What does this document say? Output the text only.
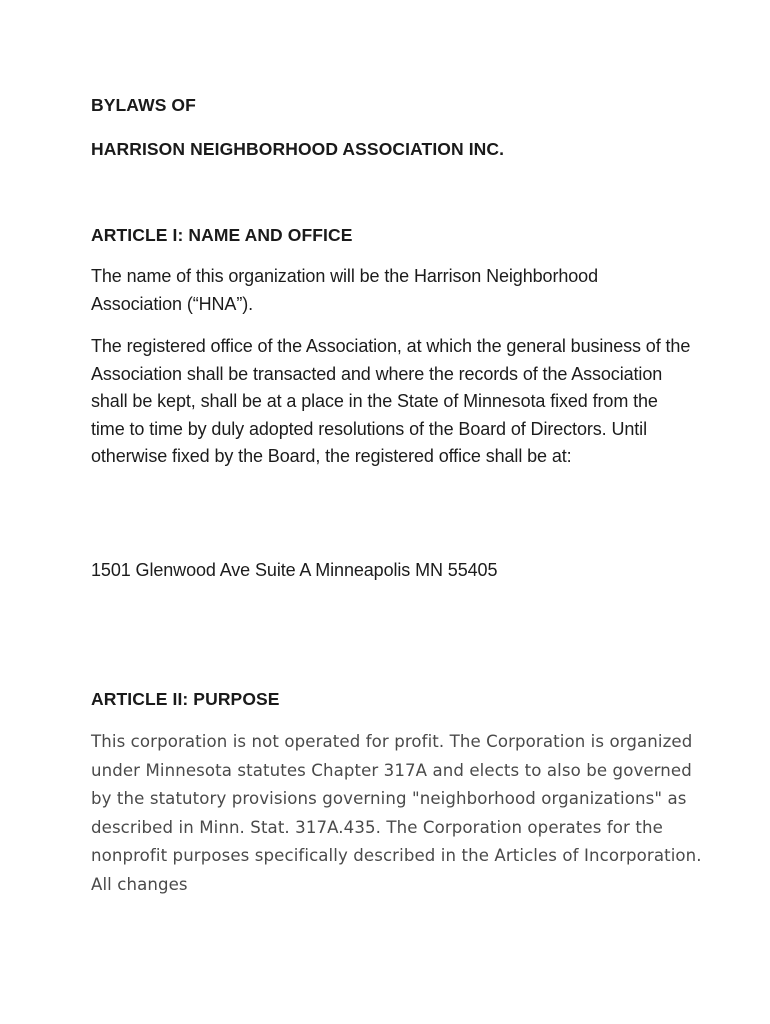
BYLAWS OF

HARRISON NEIGHBORHOOD ASSOCIATION INC.

ARTICLE I: NAME AND OFFICE

The name of this organization will be the Harrison Neighborhood Association (“HNA”).

The registered office of the Association, at which the general business of the Association shall be transacted and where the records of the Association shall be kept, shall be at a place in the State of Minnesota fixed from the time to time by duly adopted resolutions of the Board of Directors. Until otherwise fixed by the Board, the registered office shall be at:

1501 Glenwood Ave Suite A Minneapolis MN 55405

ARTICLE II: PURPOSE

This corporation is not operated for profit. The Corporation is organized under Minnesota statutes Chapter 317A and elects to also be governed by the statutory provisions governing "neighborhood organizations" as described in Minn. Stat. 317A.435. The Corporation operates for the nonprofit purposes specifically described in the Articles of Incorporation. All changes
